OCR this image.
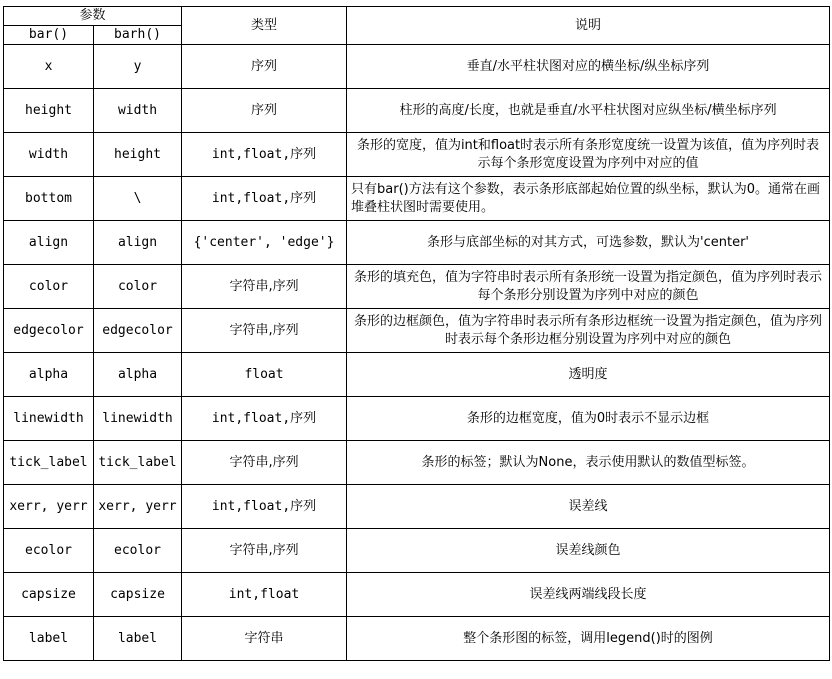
参数		类型	说明
bar()	barh()		
x	y	序列	垂直/水平柱状图对应的横坐标/纵坐标序列
height	width	序列	柱形的高度/长度，也就是垂直/水平柱状图对应纵坐标/横坐标序列
width	height	int,float,序列	条形的宽度，值为int和float时表示所有条形宽度统一设置为该值，值为序列时表示每个条形宽度设置为序列中对应的值
bottom	\	int,float,序列	只有bar()方法有这个参数，表示条形底部起始位置的纵坐标，默认为0。通常在画堆叠柱状图时需要使用。
align	align	{'center', 'edge'}	条形与底部坐标的对其方式，可选参数，默认为'center'
color	color	字符串,序列	条形的填充色，值为字符串时表示所有条形统一设置为指定颜色，值为序列时表示每个条形分别设置为序列中对应的颜色
edgecolor	edgecolor	字符串,序列	条形的边框颜色，值为字符串时表示所有条形边框统一设置为指定颜色，值为序列时表示每个条形边框分别设置为序列中对应的颜色
alpha	alpha	float	透明度
linewidth	linewidth	int,float,序列	条形的边框宽度，值为0时表示不显示边框
tick_label	tick_label	字符串,序列	条形的标签；默认为None，表示使用默认的数值型标签。
xerr, yerr	xerr, yerr	int,float,序列	误差线
ecolor	ecolor	字符串,序列	误差线颜色
capsize	capsize	int,float	误差线两端线段长度
label	label	字符串	整个条形图的标签，调用legend()时的图例
